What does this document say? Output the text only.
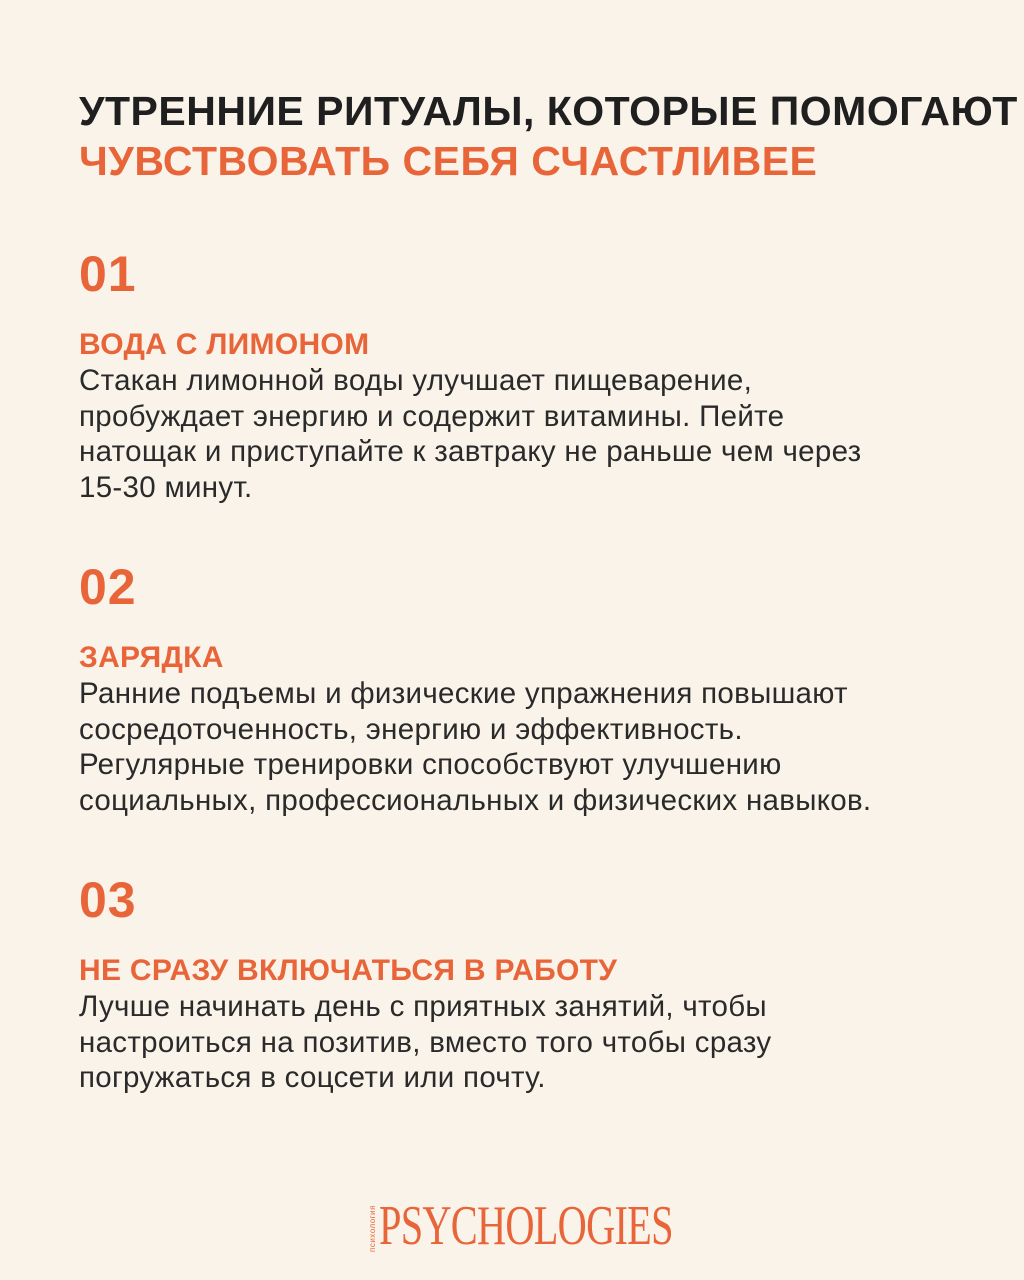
УТРЕННИЕ РИТУАЛЫ, КОТОРЫЕ ПОМОГАЮТ
ЧУВСТВОВАТЬ СЕБЯ СЧАСТЛИВЕЕ
01
ВОДА С ЛИМОНОМ
Стакан лимонной воды улучшает пищеварение,
пробуждает энергию и содержит витамины. Пейте
натощак и приступайте к завтраку не раньше чем через
15-30 минут.
02
ЗАРЯДКА
Ранние подъемы и физические упражнения повышают
сосредоточенность, энергию и эффективность.
Регулярные тренировки способствуют улучшению
социальных, профессиональных и физических навыков.
03
НЕ СРАЗУ ВКЛЮЧАТЬСЯ В РАБОТУ
Лучше начинать день с приятных занятий, чтобы
настроиться на позитив, вместо того чтобы сразу
погружаться в соцсети или почту.
психология PSYCHOLOGIES
